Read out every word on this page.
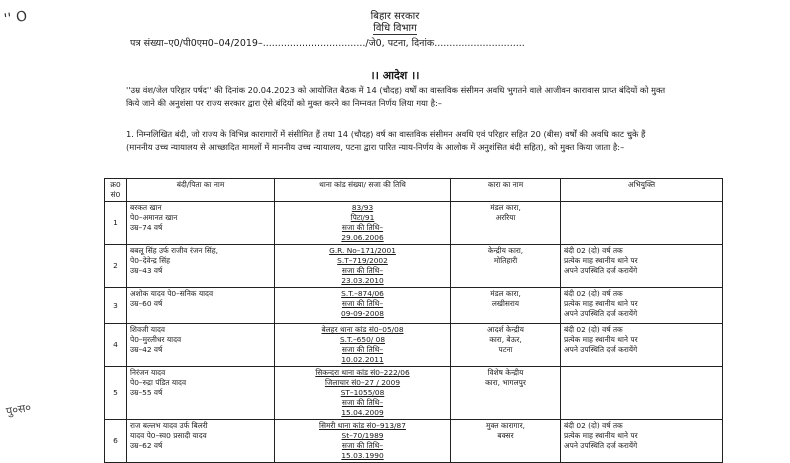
'' O
पु०स०
बिहार सरकार
विधि विभाग
पत्र संख्या–ए0/पी0एम0–04/2019–................................../जे0, पटना, दिनांक..............................
।। आदेश ।।
''उम्र वंश/जेल परिहार पर्षद'' की दिनांक 20.04.2023 को आयोजित बैठक में 14 (चौदह) वर्षों का वास्तविक संसीमन अवधि भुगतने वाले आजीवन कारावास प्राप्त बंदियों को मुक्त किये जाने की अनुशंसा पर राज्य सरकार द्वारा ऐसे बंदियों को मुक्त करने का निम्नवत निर्णय लिया गया है:–
1. निम्नलिखित बंदी, जो राज्य के विभिन्न कारागारों में संसीमित हैं तथा 14 (चौदह) वर्ष का वास्तविक संसीमन अवधि एवं परिहार सहित 20 (बीस) वर्षों की अवधि काट चुके हैं (माननीय उच्च न्यायालय से आच्छादित मामलों में माननीय उच्च न्यायालय, पटना द्वारा पारित न्याय-निर्णय के आलोक में अनुशंसित बंदी सहित), को मुक्त किया जाता है:–
क्र0 सं0	बंदी/पिता का नाम	थाना कांड संख्या/ सजा की तिथि	कारा का नाम	अभियुक्ति
1	बरकत खान
पे0–अमानत खान
उम्र–74 वर्ष	83/93
पिटा/91
सजा की तिथि–
29.06.2006	मंडल कारा,
अररिया	

2	बबलू सिंह उर्फ राजीव रंजन सिंह,
पे0–देवेन्द्र सिंह
उम्र–43 वर्ष	G.R. No–171/2001
S.T–719/2002
सजा की तिथि–
23.03.2010	केन्द्रीय कारा,
मोतिहारी	बंदी 02 (दो) वर्ष तक
प्रत्येक माह स्थानीय थाने पर
अपने उपस्थिति दर्ज करायेंगे

3	अशोक यादव पे0–सनिक यादव
उम्र–60 वर्ष	S.T.–874/06
सजा की तिथि–
09-09-2008	मंडल कारा,
लखीसराय	बंदी 02 (दो) वर्ष तक
प्रत्येक माह स्थानीय थाने पर
अपने उपस्थिति दर्ज करायेंगे

4	शिवजी यादव
पे0–मुरलीधर यादव
उम्र–42 वर्ष	बेलहर थाना कांड सं0–05/08
S.T.–650/ 08
सजा की तिथि–
10.02.2011	आदर्श केन्द्रीय
कारा, बेऊर,
पटना	बंदी 02 (दो) वर्ष तक
प्रत्येक माह स्थानीय थाने पर
अपने उपस्थिति दर्ज करायेंगे

5	निरंजन यादव
पे0–रुद्रा पंडित यादव
उम्र–55 वर्ष	सिकन्दरा थाना कांड सं0–222/06
जिलाचार सं0–27 / 2009
ST–1055/08
सजा की तिथि–
15.04.2009	विशेष केन्द्रीय
कारा, भागलपुर	

6	राज बल्लभ यादव उर्फ बिलरी
यादव पे0–स्व0 प्रसादी यादव
उम्र–62 वर्ष	सिमरी थाना कांड सं0–913/87
St–70/1989
सजा की तिथि–
15.03.1990	मुक्त कारागार,
बक्सर	बंदी 02 (दो) वर्ष तक
प्रत्येक माह स्थानीय थाने पर
अपने उपस्थिति दर्ज करायेंगे
